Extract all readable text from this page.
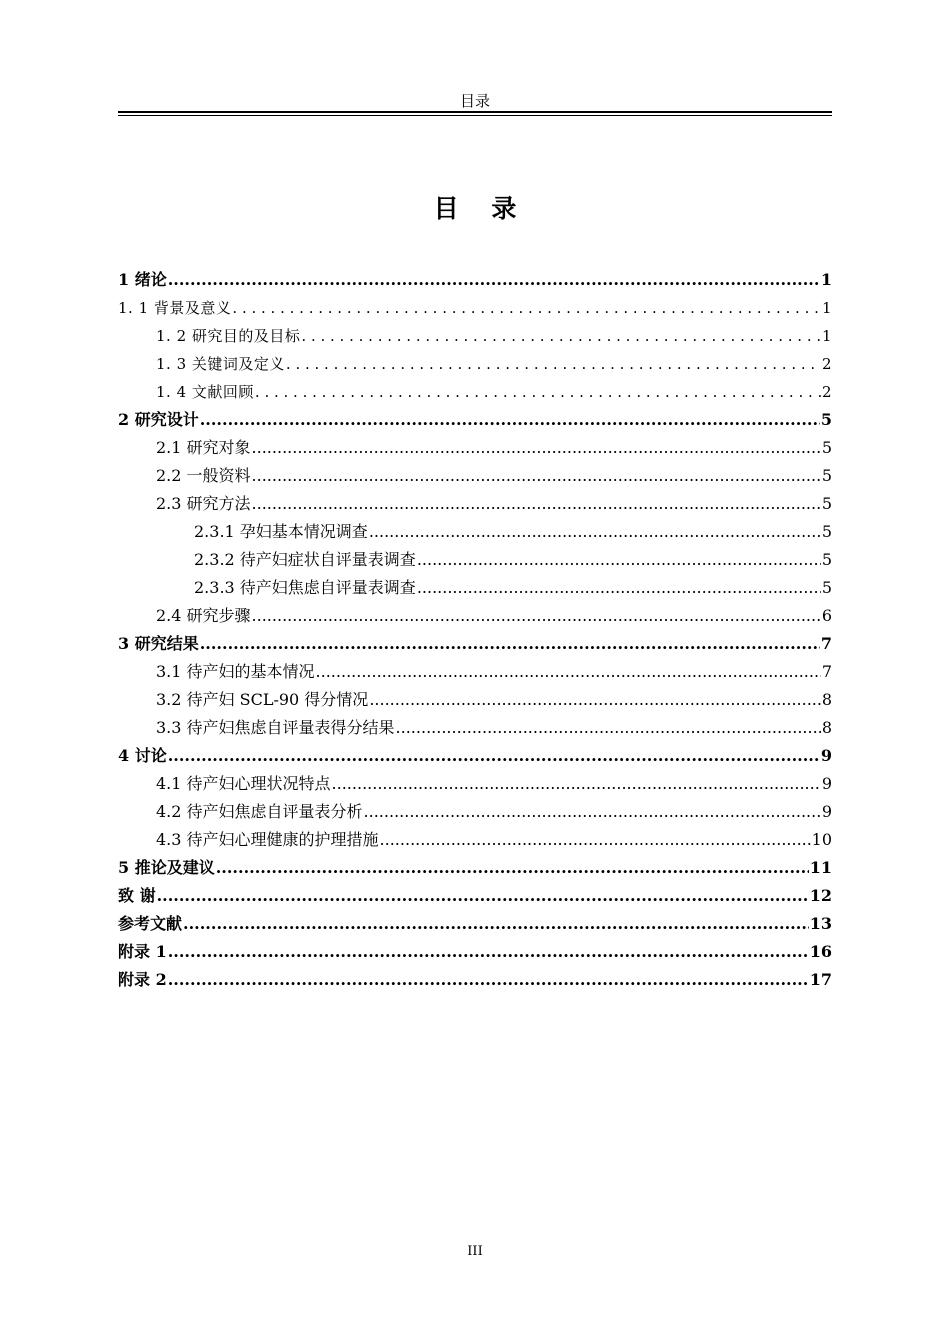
目录
目 录
1 绪论 .....	1
1. 1 背景及意义 . . .	1
1. 2 研究目的及目标 . . .	1
1. 3 关键词及定义 . . .	2
1. 4 文献回顾 . . .	2
2 研究设计 .....	5
2.1 研究对象 .....	5
2.2 一般资料 .....	5
2.3 研究方法 .....	5
2.3.1 孕妇基本情况调查 .....	5
2.3.2 待产妇症状自评量表调查 .....	5
2.3.3 待产妇焦虑自评量表调查 .....	5
2.4 研究步骤 .....	6
3 研究结果 .....	7
3.1 待产妇的基本情况 .....	7
3.2 待产妇 SCL-90 得分情况 .....	8
3.3 待产妇焦虑自评量表得分结果 .....	8
4 讨论 .....	9
4.1 待产妇心理状况特点 .....	9
4.2 待产妇焦虑自评量表分析 .....	9
4.3 待产妇心理健康的护理措施 .....	10
5 推论及建议 .....	11
致 谢 .....	12
参考文献 .....	13
附录 1 .....	16
附录 2 .....	17
III
